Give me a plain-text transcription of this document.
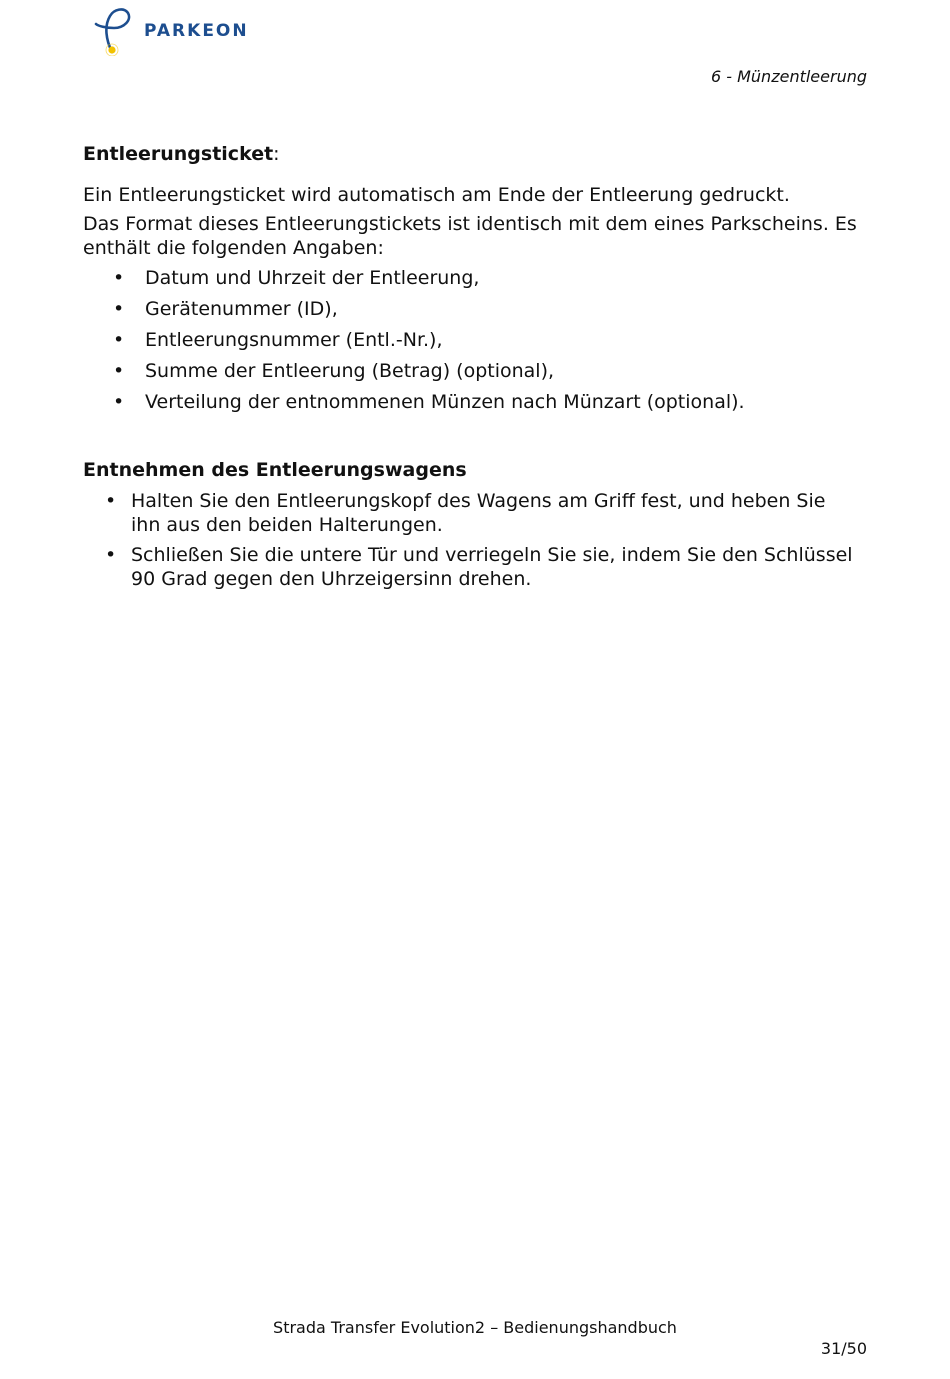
PARKEON
6 - Münzentleerung
Entleerungsticket:

Ein Entleerungsticket wird automatisch am Ende der Entleerung gedruckt.

Das Format dieses Entleerungstickets ist identisch mit dem eines Parkscheins. Es enthält die folgenden Angaben:

• Datum und Uhrzeit der Entleerung,
• Gerätenummer (ID),
• Entleerungsnummer (Entl.-Nr.),
• Summe der Entleerung (Betrag) (optional),
• Verteilung der entnommenen Münzen nach Münzart (optional).
Entnehmen des Entleerungswagens
• Halten Sie den Entleerungskopf des Wagens am Griff fest, und heben Sie ihn aus den beiden Halterungen.
• Schließen Sie die untere Tür und verriegeln Sie sie, indem Sie den Schlüssel 90 Grad gegen den Uhrzeigersinn drehen.
Strada Transfer Evolution2 – Bedienungshandbuch
31/50
